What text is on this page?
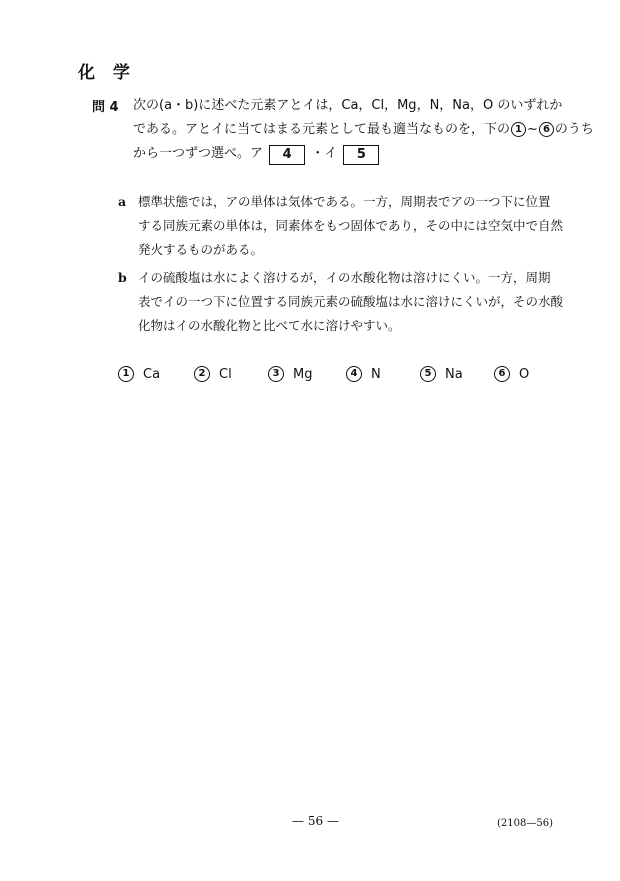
化 学
問 4 次の(a・b)に述べた元素アとイは，Ca，Cl，Mg，N，Na，O のいずれか
である。アとイに当てはまる元素として最も適当なものを，下の 1 ~ 6 のうち
から一つずつ選べ。ア 4 ・イ 5
a 標準状態では，アの単体は気体である。一方，周期表でアの一つ下に位置
する同族元素の単体は，同素体をもつ固体であり，その中には空気中で自然
発火するものがある。
b イの硫酸塩は水によく溶けるが，イの水酸化物は溶けにくい。一方，周期
表でイの一つ下に位置する同族元素の硫酸塩は水に溶けにくいが，その水酸
化物はイの水酸化物と比べて水に溶けやすい。
1	Ca	2	Cl	3	Mg	4	N	5	Na	6	O
— 56 —	(2108—56)
